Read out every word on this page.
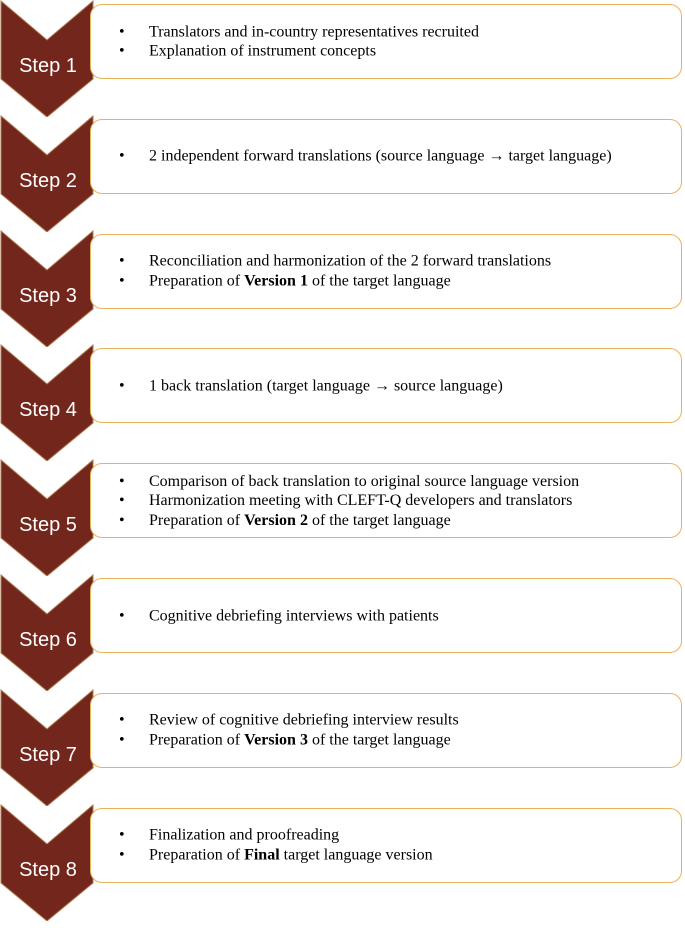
Step 1
• Translators and in-country representatives recruited
• Explanation of instrument concepts
Step 2
• 2 independent forward translations (source language → target language)
Step 3
• Reconciliation and harmonization of the 2 forward translations
• Preparation of Version 1 of the target language
Step 4
• 1 back translation (target language → source language)
Step 5
• Comparison of back translation to original source language version
• Harmonization meeting with CLEFT-Q developers and translators
• Preparation of Version 2 of the target language
Step 6
• Cognitive debriefing interviews with patients
Step 7
• Review of cognitive debriefing interview results
• Preparation of Version 3 of the target language
Step 8
• Finalization and proofreading
• Preparation of Final target language version
